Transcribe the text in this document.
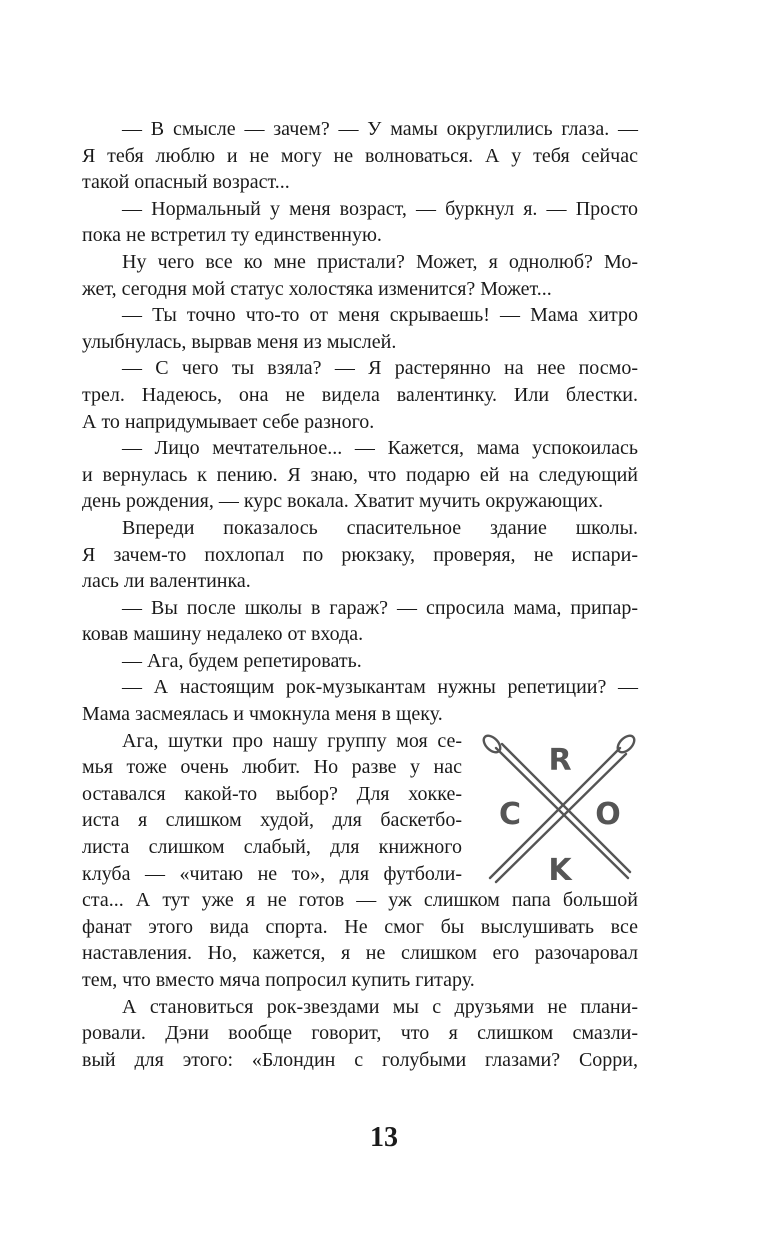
— В смысле — зачем? — У мамы округлились глаза. —
Я тебя люблю и не могу не волноваться. А у тебя сейчас
такой опасный возраст...
— Нормальный у меня возраст, — буркнул я. — Просто
пока не встретил ту единственную.
Ну чего все ко мне пристали? Может, я однолюб? Мо-
жет, сегодня мой статус холостяка изменится? Может...
— Ты точно что-то от меня скрываешь! — Мама хитро
улыбнулась, вырвав меня из мыслей.
— С чего ты взяла? — Я растерянно на нее посмо-
трел. Надеюсь, она не видела валентинку. Или блестки.
А то напридумывает себе разного.
— Лицо мечтательное... — Кажется, мама успокоилась
и вернулась к пению. Я знаю, что подарю ей на следующий
день рождения, — курс вокала. Хватит мучить окружающих.
Впереди показалось спасительное здание школы.
Я зачем-то похлопал по рюкзаку, проверяя, не испари-
лась ли валентинка.
— Вы после школы в гараж? — спросила мама, припар-
ковав машину недалеко от входа.
— Ага, будем репетировать.
— А настоящим рок-музыкантам нужны репетиции? —
Мама засмеялась и чмокнула меня в щеку.
Ага, шутки про нашу группу моя се-
мья тоже очень любит. Но разве у нас
оставался какой-то выбор? Для хокке-
иста я слишком худой, для баскетбо-
листа слишком слабый, для книжного
клуба — «читаю не то», для футболи-
R
C O
K
ста... А тут уже я не готов — уж слишком папа большой
фанат этого вида спорта. Не смог бы выслушивать все
наставления. Но, кажется, я не слишком его разочаровал
тем, что вместо мяча попросил купить гитару.
А становиться рок-звездами мы с друзьями не плани-
ровали. Дэни вообще говорит, что я слишком смазли-
вый для этого: «Блондин с голубыми глазами? Сорри,
13
